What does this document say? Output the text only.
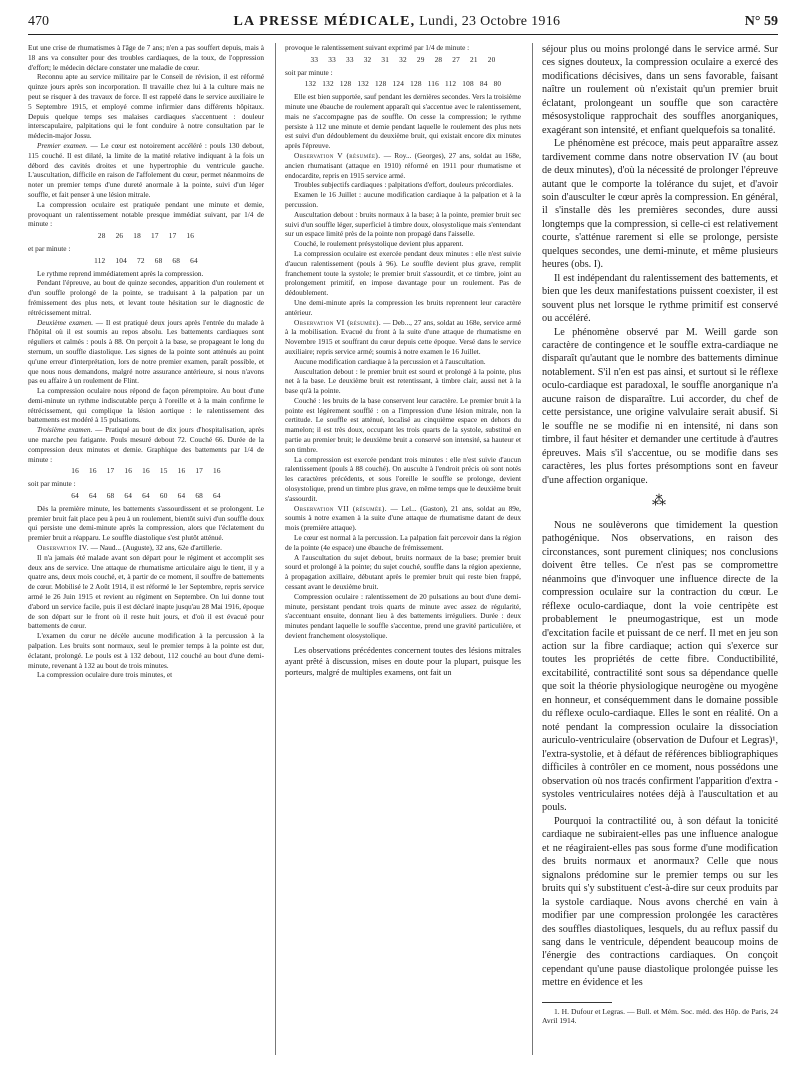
470	LA PRESSE MÉDICALE, Lundi, 23 Octobre 1916	N° 59

Eut une crise de rhumatismes à l'âge de 7 ans; n'en a pas souffert depuis, mais à 18 ans va consulter pour des troubles cardiaques, de la toux, de l'oppression d'effort; le médecin déclare constater une maladie de cœur.

Reconnu apte au service militaire par le Conseil de révision, il est réformé quinze jours après son incorporation. Il travaille chez lui à la culture mais ne peut se risquer à des travaux de force. Il est rappelé dans le service auxiliaire le 5 Septembre 1915, et employé comme infirmier dans différents hôpitaux. Depuis quelque temps ses malaises cardiaques s'accentuent : douleur interscapulaire, palpitations qui le font conduire à notre consultation par le médecin-major Jossu.

Premier examen. — Le cœur est notoirement accéléré : pouls 130 debout, 115 couché. Il est dilaté, la limite de la matité relative indiquant à la fois un débord des cavités droites et une hypertrophie du ventricule gauche. L'auscultation, difficile en raison de l'affolement du cœur, permet néanmoins de noter un premier temps d'une dureté anormale à la pointe, suivi d'un léger souffle, et fait penser à une lésion mitrale.

La compression oculaire est pratiquée pendant une minute et demie, provoquant un ralentissement notable presque immédiat suivant, par 1/4 de minute :

28 26 18 17 17 16

et par minute :

112 104 72 68 68 64

Le rythme reprend immédiatement après la compression.

Pendant l'épreuve, au bout de quinze secondes, apparition d'un roulement et d'un souffle prolongé de la pointe, se traduisant à la palpation par un frémissement des plus nets, et levant toute hésitation sur le diagnostic de rétrécissement mitral.

Deuxième examen. — Il est pratiqué deux jours après l'entrée du malade à l'hôpital où il est soumis au repos absolu. Les battements cardiaques sont réguliers et calmés : pouls à 88. On perçoit à la base, se propageant le long du sternum, un souffle diastolique. Les signes de la pointe sont atténués au point qu'une erreur d'interprétation, lors de notre premier examen, paraît possible, et que nous nous demandons, malgré notre assurance antérieure, si nous n'avons pas eu affaire à un roulement de Flint.

La compression oculaire nous répond de façon péremptoire. Au bout d'une demi-minute un rythme indiscutable perçu à l'oreille et à la main confirme le rétrécissement, qui complique la lésion aortique : le ralentissement des battements est modéré à 15 pulsations.

Troisième examen. — Pratiqué au bout de dix jours d'hospitalisation, après une marche peu fatigante. Pouls mesuré debout 72. Couché 66. Durée de la compression deux minutes et demie. Graphique des battements par 1/4 de minute :

16 16 17 16 16 15 16 17 16

soit par minute :

64 64 68 64 64 60 64 68 64

Dès la première minute, les battements s'assourdissent et se prolongent. Le premier bruit fait place peu à peu à un roulement, bientôt suivi d'un souffle doux qui persiste une demi-minute après la compression, alors que l'éclatement du premier bruit a réapparu. Le souffle diastolique s'est plutôt atténué.

Observation IV. — Naud... (Auguste), 32 ans, 62e d'artillerie.

Il n'a jamais été malade avant son départ pour le régiment et accomplit ses deux ans de service. Une attaque de rhumatisme articulaire aigu le tient, il y a quatre ans, deux mois couché, et, à partir de ce moment, il souffre de battements de cœur. Mobilisé le 2 Août 1914, il est réformé le 1er Septembre, repris service armé le 26 Juin 1915 et revient au régiment en Septembre. On lui donne tout d'abord un service facile, puis il est déclaré inapte jusqu'au 28 Mai 1916, époque de son départ sur le front où il reste huit jours, et d'où il est évacué pour battements de cœur.

L'examen du cœur ne décèle aucune modification à la percussion à la palpation. Les bruits sont normaux, seul le premier temps à la pointe est dur, éclatant, prolongé. Le pouls est à 132 debout, 112 couché au bout d'une demi-minute, revenant à 132 au bout de trois minutes.

La compression oculaire dure trois minutes, et

provoque le ralentissement suivant exprimé par 1/4 de minute :

33 33 33 32 31 32 29 28 27 21 20

soit par minute :

132 132 128 132 128 124 128 116 112 108 84 80

Elle est bien supportée, sauf pendant les dernières secondes. Vers la troisième minute une ébauche de roulement apparaît qui s'accentue avec le ralentissement, mais ne s'accompagne pas de souffle. On cesse la compression; le rythme persiste à 112 une minute et demie pendant laquelle le roulement des plus nets est suivi d'un dédoublement du deuxième bruit, qui existait encore dix minutes après l'épreuve.

Observation V (résumée). — Roy... (Georges), 27 ans, soldat au 168e, ancien rhumatisant (attaque en 1910) réformé en 1911 pour rhumatisme et endocardite, repris en 1915 service armé.

Troubles subjectifs cardiaques : palpitations d'effort, douleurs précordiales.

Examen le 16 Juillet : aucune modification cardiaque à la palpation et à la percussion.

Auscultation debout : bruits normaux à la base; à la pointe, premier bruit sec suivi d'un souffle léger, superficiel à timbre doux, olosystolique mais s'entendant sur un espace limité près de la pointe non propagé dans l'aisselle.

Couché, le roulement présystolique devient plus apparent.

La compression oculaire est exercée pendant deux minutes : elle n'est suivie d'aucun ralentissement (pouls à 96). Le souffle devient plus grave, remplit franchement toute la systole; le premier bruit s'assourdit, et ce timbre, joint au prolongement primitif, en impose davantage pour un roulement. Pas de dédoublement.

Une demi-minute après la compression les bruits reprennent leur caractère antérieur.

Observation VI (résumée). — Deb..., 27 ans, soldat au 168e, service armé à la mobilisation. Evacué du front à la suite d'une attaque de rhumatisme en Novembre 1915 et souffrant du cœur depuis cette époque. Versé dans le service auxiliaire; repris service armé; soumis à notre examen le 16 Juillet.

Aucune modification cardiaque à la percussion et à l'auscultation.

Auscultation debout : le premier bruit est sourd et prolongé à la pointe, plus net à la base. Le deuxième bruit est retentissant, à timbre clair, aussi net à la base qu'à la pointe.

Couché : les bruits de la base conservent leur caractère. Le premier bruit à la pointe est légèrement soufflé : on a l'impression d'une lésion mitrale, non la certitude. Le souffle est atténué, localisé au cinquième espace en dehors du mamelon; il est très doux, occupant les trois quarts de la systole, substitué en partie au premier bruit; le deuxième bruit a conservé son intensité, sa hauteur et son timbre.

La compression est exercée pendant trois minutes : elle n'est suivie d'aucun ralentissement (pouls à 88 couché). On ausculte à l'endroit précis où sont notés les caractères précédents, et sous l'oreille le souffle se prolonge, devient olosystolique, prend un timbre plus grave, en même temps que le deuxième bruit s'assourdit.

Observation VII (résumée). — Lel... (Gaston), 21 ans, soldat au 89e, soumis à notre examen à la suite d'une attaque de rhumatisme datant de deux mois (première attaque).

Le cœur est normal à la percussion. La palpation fait percevoir dans la région de la pointe (4e espace) une ébauche de frémissement.

A l'auscultation du sujet debout, bruits normaux de la base; premier bruit sourd et prolongé à la pointe; du sujet couché, souffle dans la région apexienne, à propagation axillaire, débutant après le premier bruit qui reste bien frappé, cessant avant le deuxième bruit.

Compression oculaire : ralentissement de 20 pulsations au bout d'une demi-minute, persistant pendant trois quarts de minute avec assez de régularité, s'accentuant ensuite, donnant lieu à des battements irréguliers. Durée : deux minutes pendant laquelle le souffle s'accentue, prend une gravité particulière, et devient franchement olosystolique.

Les observations précédentes concernent toutes des lésions mitrales ayant prêté à discussion, mises en doute pour la plupart, puisque les porteurs, malgré de multiples examens, ont fait un

séjour plus ou moins prolongé dans le service armé. Sur ces signes douteux, la compression oculaire a exercé des modifications décisives, dans un sens favorable, faisant naître un roulement où n'existait qu'un premier bruit éclatant, prolongeant un souffle que son caractère mésosystolique rapprochait des souffles anorganiques, exagérant son intensité, et enfiant quelquefois sa tonalité.

Le phénomène est précoce, mais peut apparaître assez tardivement comme dans notre observation IV (au bout de deux minutes), d'où la nécessité de prolonger l'épreuve autant que le comporte la tolérance du sujet, et d'avoir soin d'ausculter le cœur après la compression. En général, il s'installe dès les premières secondes, dure aussi longtemps que la compression, si celle-ci est relativement courte, s'atténue rarement si elle se prolonge, persiste quelques secondes, une demi-minute, et même plusieurs heures (obs. I).

Il est indépendant du ralentissement des battements, et bien que les deux manifestations puissent coexister, il est souvent plus net lorsque le rythme primitif est conservé ou accéléré.

Le phénomène observé par M. Weill garde son caractère de contingence et le souffle extra-cardiaque ne disparaît qu'autant que le nombre des battements diminue notablement. S'il n'en est pas ainsi, et surtout si le réflexe oculo-cardiaque est paradoxal, le souffle anorganique n'a aucune raison de disparaître. Lui accorder, du chef de cette persistance, une origine valvulaire serait abusif. Si le souffle ne se modifie ni en intensité, ni dans son timbre, il faut hésiter et demander une certitude à d'autres épreuves. Mais s'il s'accentue, ou se modifie dans ses caractères, les plus fortes présomptions sont en faveur d'une affection organique.

⁂

Nous ne soulèverons que timidement la question pathogénique. Nos observations, en raison des circonstances, sont purement cliniques; nos conclusions doivent être telles. Ce n'est pas se compromettre néanmoins que d'invoquer une influence directe de la compression oculaire sur la contraction du cœur. Le réflexe oculo-cardiaque, dont la voie centripète est probablement le pneumogastrique, est un mode d'excitation facile et puissant de ce nerf. Il met en jeu son action sur la fibre cardiaque; action qui s'exerce sur toutes les propriétés de cette fibre. Conductibilité, excitabilité, contractilité sont sous sa dépendance quelle que soit la théorie physiologique neurogène ou myogène en honneur, et conséquemment dans le domaine possible du réflexe oculo-cardiaque. Elles le sont en réalité. On a noté pendant la compression oculaire la dissociation auriculo-ventriculaire (observation de Dufour et Legras)¹, l'extra-systolie, et à défaut de références bibliographiques difficiles à contrôler en ce moment, nous possédons une observation où nos tracés confirment l'apparition d'extra - systoles ventriculaires notées déjà à l'auscultation et au pouls.

Pourquoi la contractilité ou, à son défaut la tonicité cardiaque ne subiraient-elles pas une influence analogue et ne réagiraient-elles pas sous forme d'une modification des bruits normaux et anormaux? Celle que nous signalons prédomine sur le premier temps ou sur les bruits qui s'y substituent c'est-à-dire sur ceux produits par la systole cardiaque. Nous avons cherché en vain à modifier par une compression prolongée les caractères des souffles diastoliques, lesquels, du au reflux passif du sang dans le ventricule, dépendent beaucoup moins de l'énergie des contractions cardiaques. On conçoit cependant qu'une pause diastolique prolongée puisse les mettre en évidence et les

1. H. Dufour et Legras. — Bull. et Mém. Soc. méd. des Hôp. de Paris, 24 Avril 1914.
